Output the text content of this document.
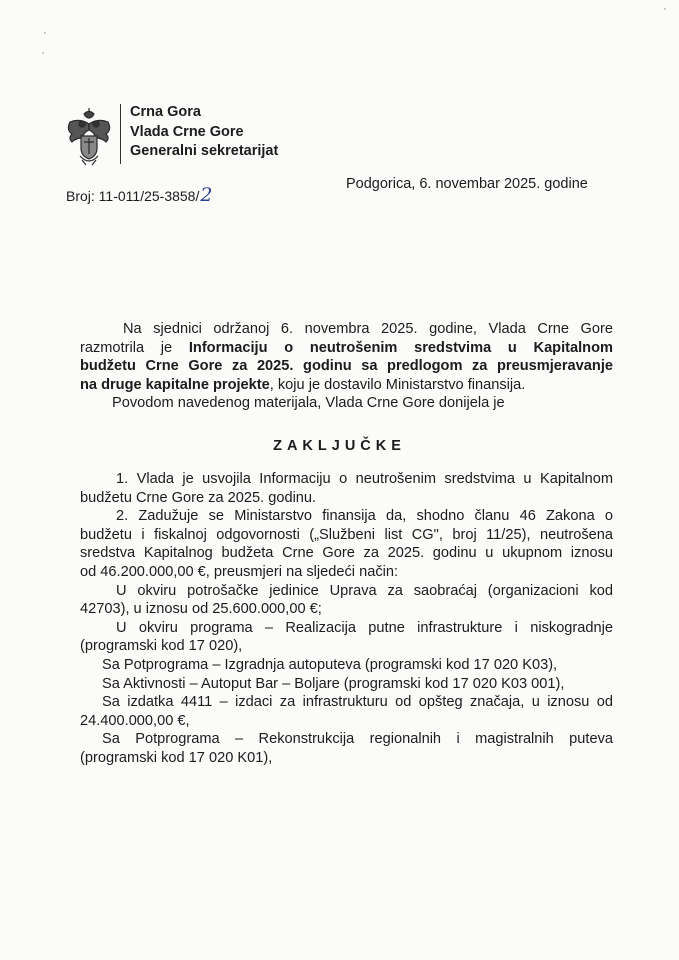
Crna Gora
Vlada Crne Gore
Generalni sekretarijat
Broj: 11-011/25-3858/2	Podgorica, 6. novembar 2025. godine
Na sjednici održanoj 6. novembra 2025. godine, Vlada Crne Gore
razmotrila je Informaciju o neutrošenim sredstvima u Kapitalnom
budžetu Crne Gore za 2025. godinu sa predlogom za preusmjeravanje
na druge kapitalne projekte, koju je dostavilo Ministarstvo finansija.
Povodom navedenog materijala, Vlada Crne Gore donijela je
ZAKLJUČKE
1. Vlada je usvojila Informaciju o neutrošenim sredstvima u Kapitalnom
budžetu Crne Gore za 2025. godinu.
2. Zadužuje se Ministarstvo finansija da, shodno članu 46 Zakona o
budžetu i fiskalnoj odgovornosti („Službeni list CG", broj 11/25), neutrošena
sredstva Kapitalnog budžeta Crne Gore za 2025. godinu u ukupnom iznosu
od 46.200.000,00 €, preusmjeri na sljedeći način:
U okviru potrošačke jedinice Uprava za saobraćaj (organizacioni kod
42703), u iznosu od 25.600.000,00 €;
U okviru programa – Realizacija putne infrastrukture i niskogradnje
(programski kod 17 020),
Sa Potprograma – Izgradnja autoputeva (programski kod 17 020 K03),
Sa Aktivnosti – Autoput Bar – Boljare (programski kod 17 020 K03 001),
Sa izdatka 4411 – izdaci za infrastrukturu od opšteg značaja, u iznosu od
24.400.000,00 €,
Sa Potprograma – Rekonstrukcija regionalnih i magistralnih puteva
(programski kod 17 020 K01),
